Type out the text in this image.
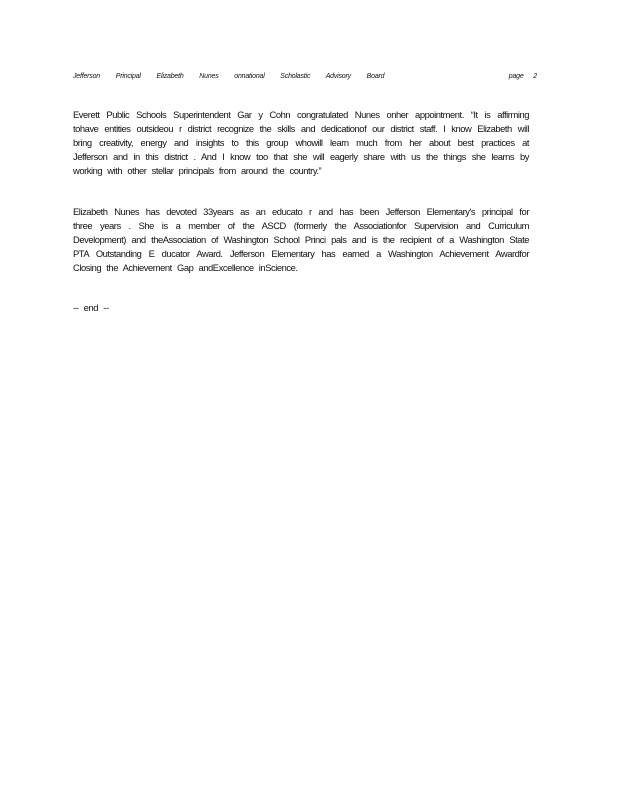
Jefferson Principal Elizabeth Nunes onnational Scholastic Advisory Board	page 2

Everett Public Schools Superintendent Gar y Cohn congratulated Nunes onher appointment. “It is affirming tohave entities outsideou r district recognize the skills and dedicationof our district staff. I know Elizabeth will bring creativity, energy and insights to this group whowill learn much from her about best practices at Jefferson and in this district . And I know too that she will eagerly share with us the things she learns by working with other stellar principals from around the country.”

Elizabeth Nunes has devoted 33years as an educato r and has been Jefferson Elementary's principal for three years . She is a member of the ASCD (formerly the Associationfor Supervision and Curriculum Development) and theAssociation of Washington School Princi pals and is the recipient of a Washington State PTA Outstanding E ducator Award. Jefferson Elementary has earned a Washington Achievement Awardfor Closing the Achievement Gap andExcellence inScience.

-- end --
